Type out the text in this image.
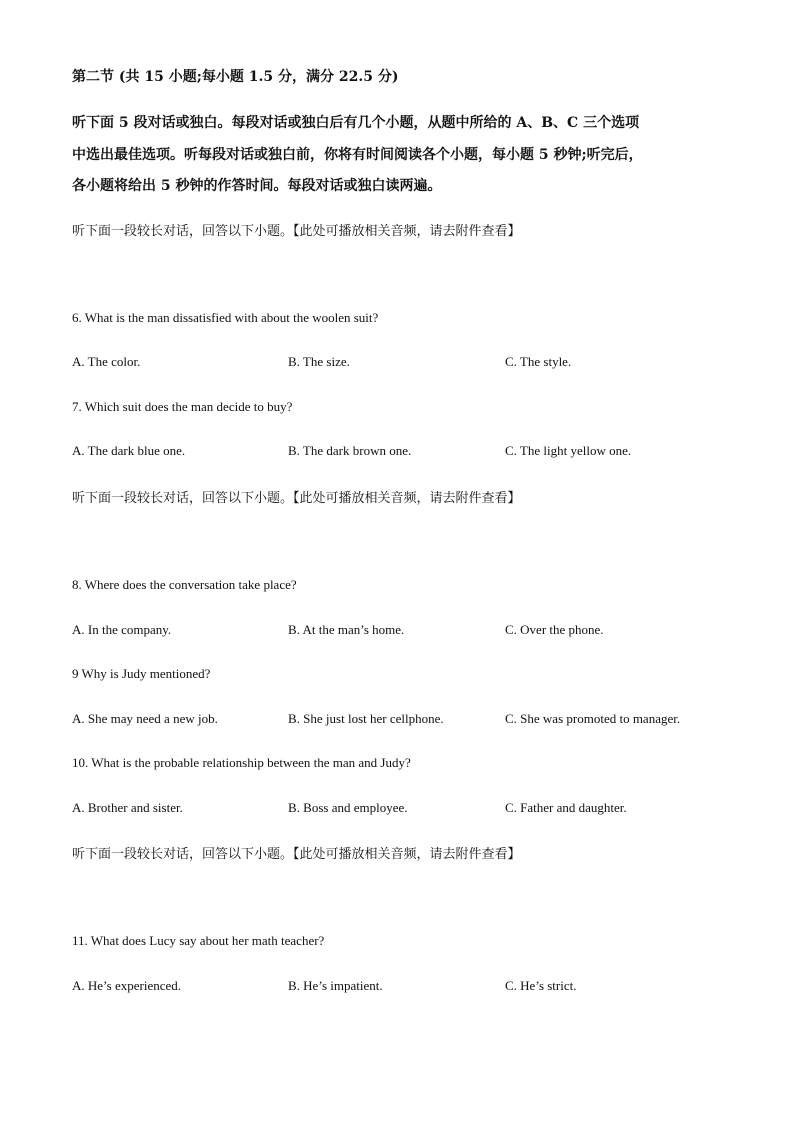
第二节 (共 15 小题;每小题 1.5 分，满分 22.5 分)
听下面 5 段对话或独白。每段对话或独白后有几个小题，从题中所给的 A、B、C 三个选项
中选出最佳选项。听每段对话或独白前，你将有时间阅读各个小题，每小题 5 秒钟;听完后，
各小题将给出 5 秒钟的作答时间。每段对话或独白读两遍。
听下面一段较长对话，回答以下小题。【此处可播放相关音频，请去附件查看】
6. What is the man dissatisfied with about the woolen suit?
A. The color.	B. The size.	C. The style.
7. Which suit does the man decide to buy?
A. The dark blue one.	B. The dark brown one.	C. The light yellow one.
听下面一段较长对话，回答以下小题。【此处可播放相关音频，请去附件查看】
8. Where does the conversation take place?
A. In the company.	B. At the man’s home.	C. Over the phone.
9 Why is Judy mentioned?
A. She may need a new job.	B. She just lost her cellphone.	C. She was promoted to manager.
10. What is the probable relationship between the man and Judy?
A. Brother and sister.	B. Boss and employee.	C. Father and daughter.
听下面一段较长对话，回答以下小题。【此处可播放相关音频，请去附件查看】
11. What does Lucy say about her math teacher?
A. He’s experienced.	B. He’s impatient.	C. He’s strict.
